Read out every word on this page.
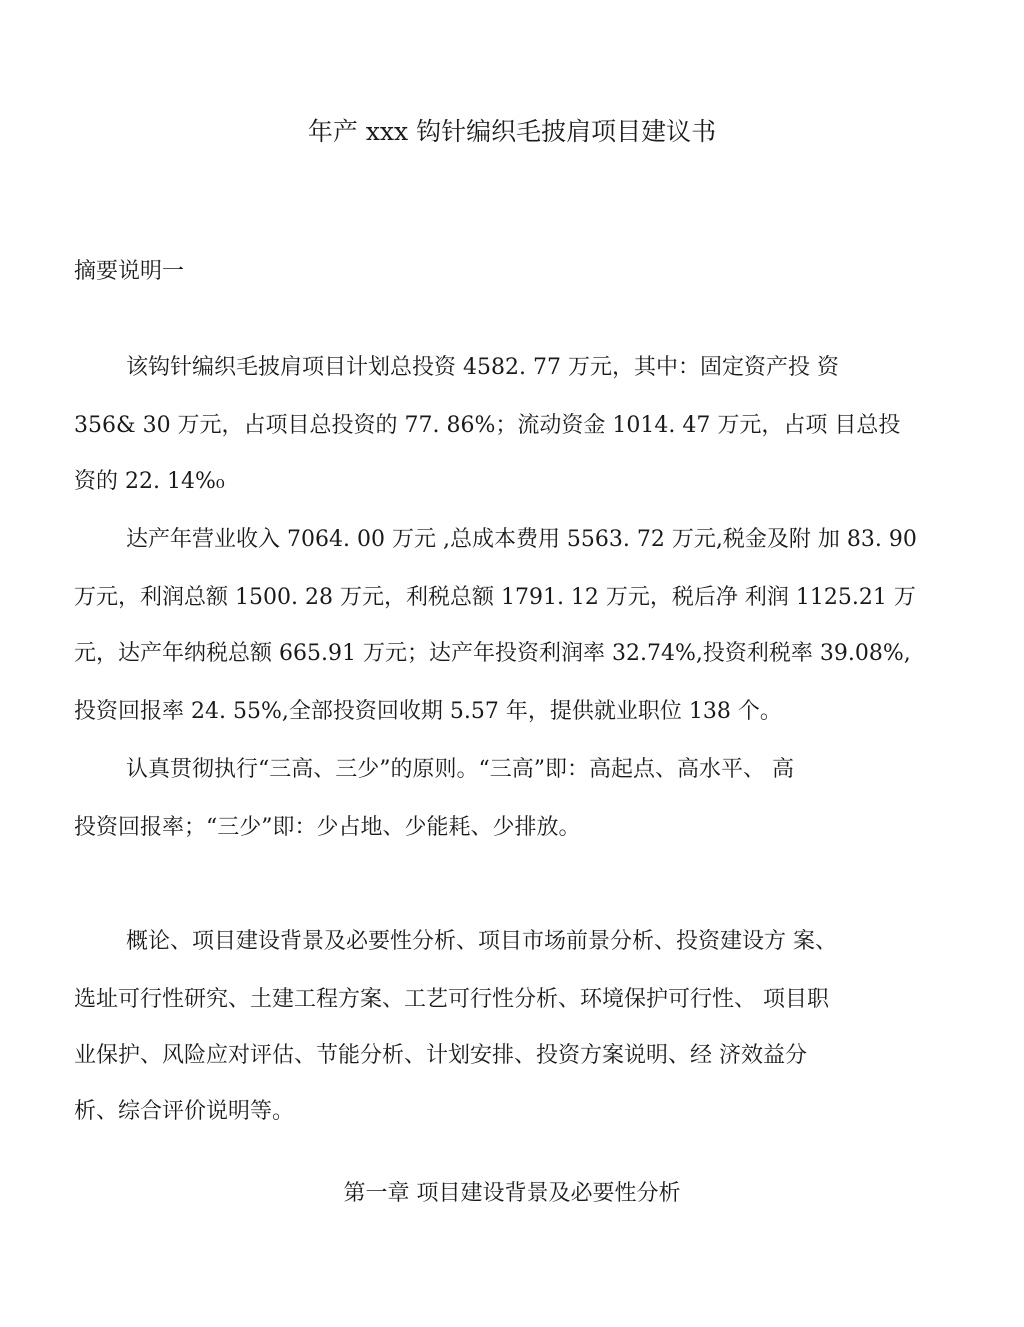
年产 xxx 钩针编织毛披肩项目建议书
摘要说明一
该钩针编织毛披肩项目计划总投资 4582. 77 万元，其中：固定资产投 资
356& 30 万元，占项目总投资的 77. 86%；流动资金 1014. 47 万元，占项 目总投
资的 22. 14%₀
达产年营业收入 7064. 00 万元 ,总成本费用 5563. 72 万元,税金及附 加 83. 90
万元，利润总额 1500. 28 万元，利税总额 1791. 12 万元，税后净 利润 1125.21 万
元，达产年纳税总额 665.91 万元；达产年投资利润率 32.74%,投资利税率 39.08%,
投资回报率 24. 55%,全部投资回收期 5.57 年，提供就业职位 138 个。
认真贯彻执行“三高、三少”的原则。“三高”即：高起点、高水平、 高
投资回报率；“三少”即：少占地、少能耗、少排放。
概论、项目建设背景及必要性分析、项目市场前景分析、投资建设方 案、
选址可行性研究、土建工程方案、工艺可行性分析、环境保护可行性、 项目职
业保护、风险应对评估、节能分析、计划安排、投资方案说明、经 济效益分
析、综合评价说明等。
第一章 项目建设背景及必要性分析
